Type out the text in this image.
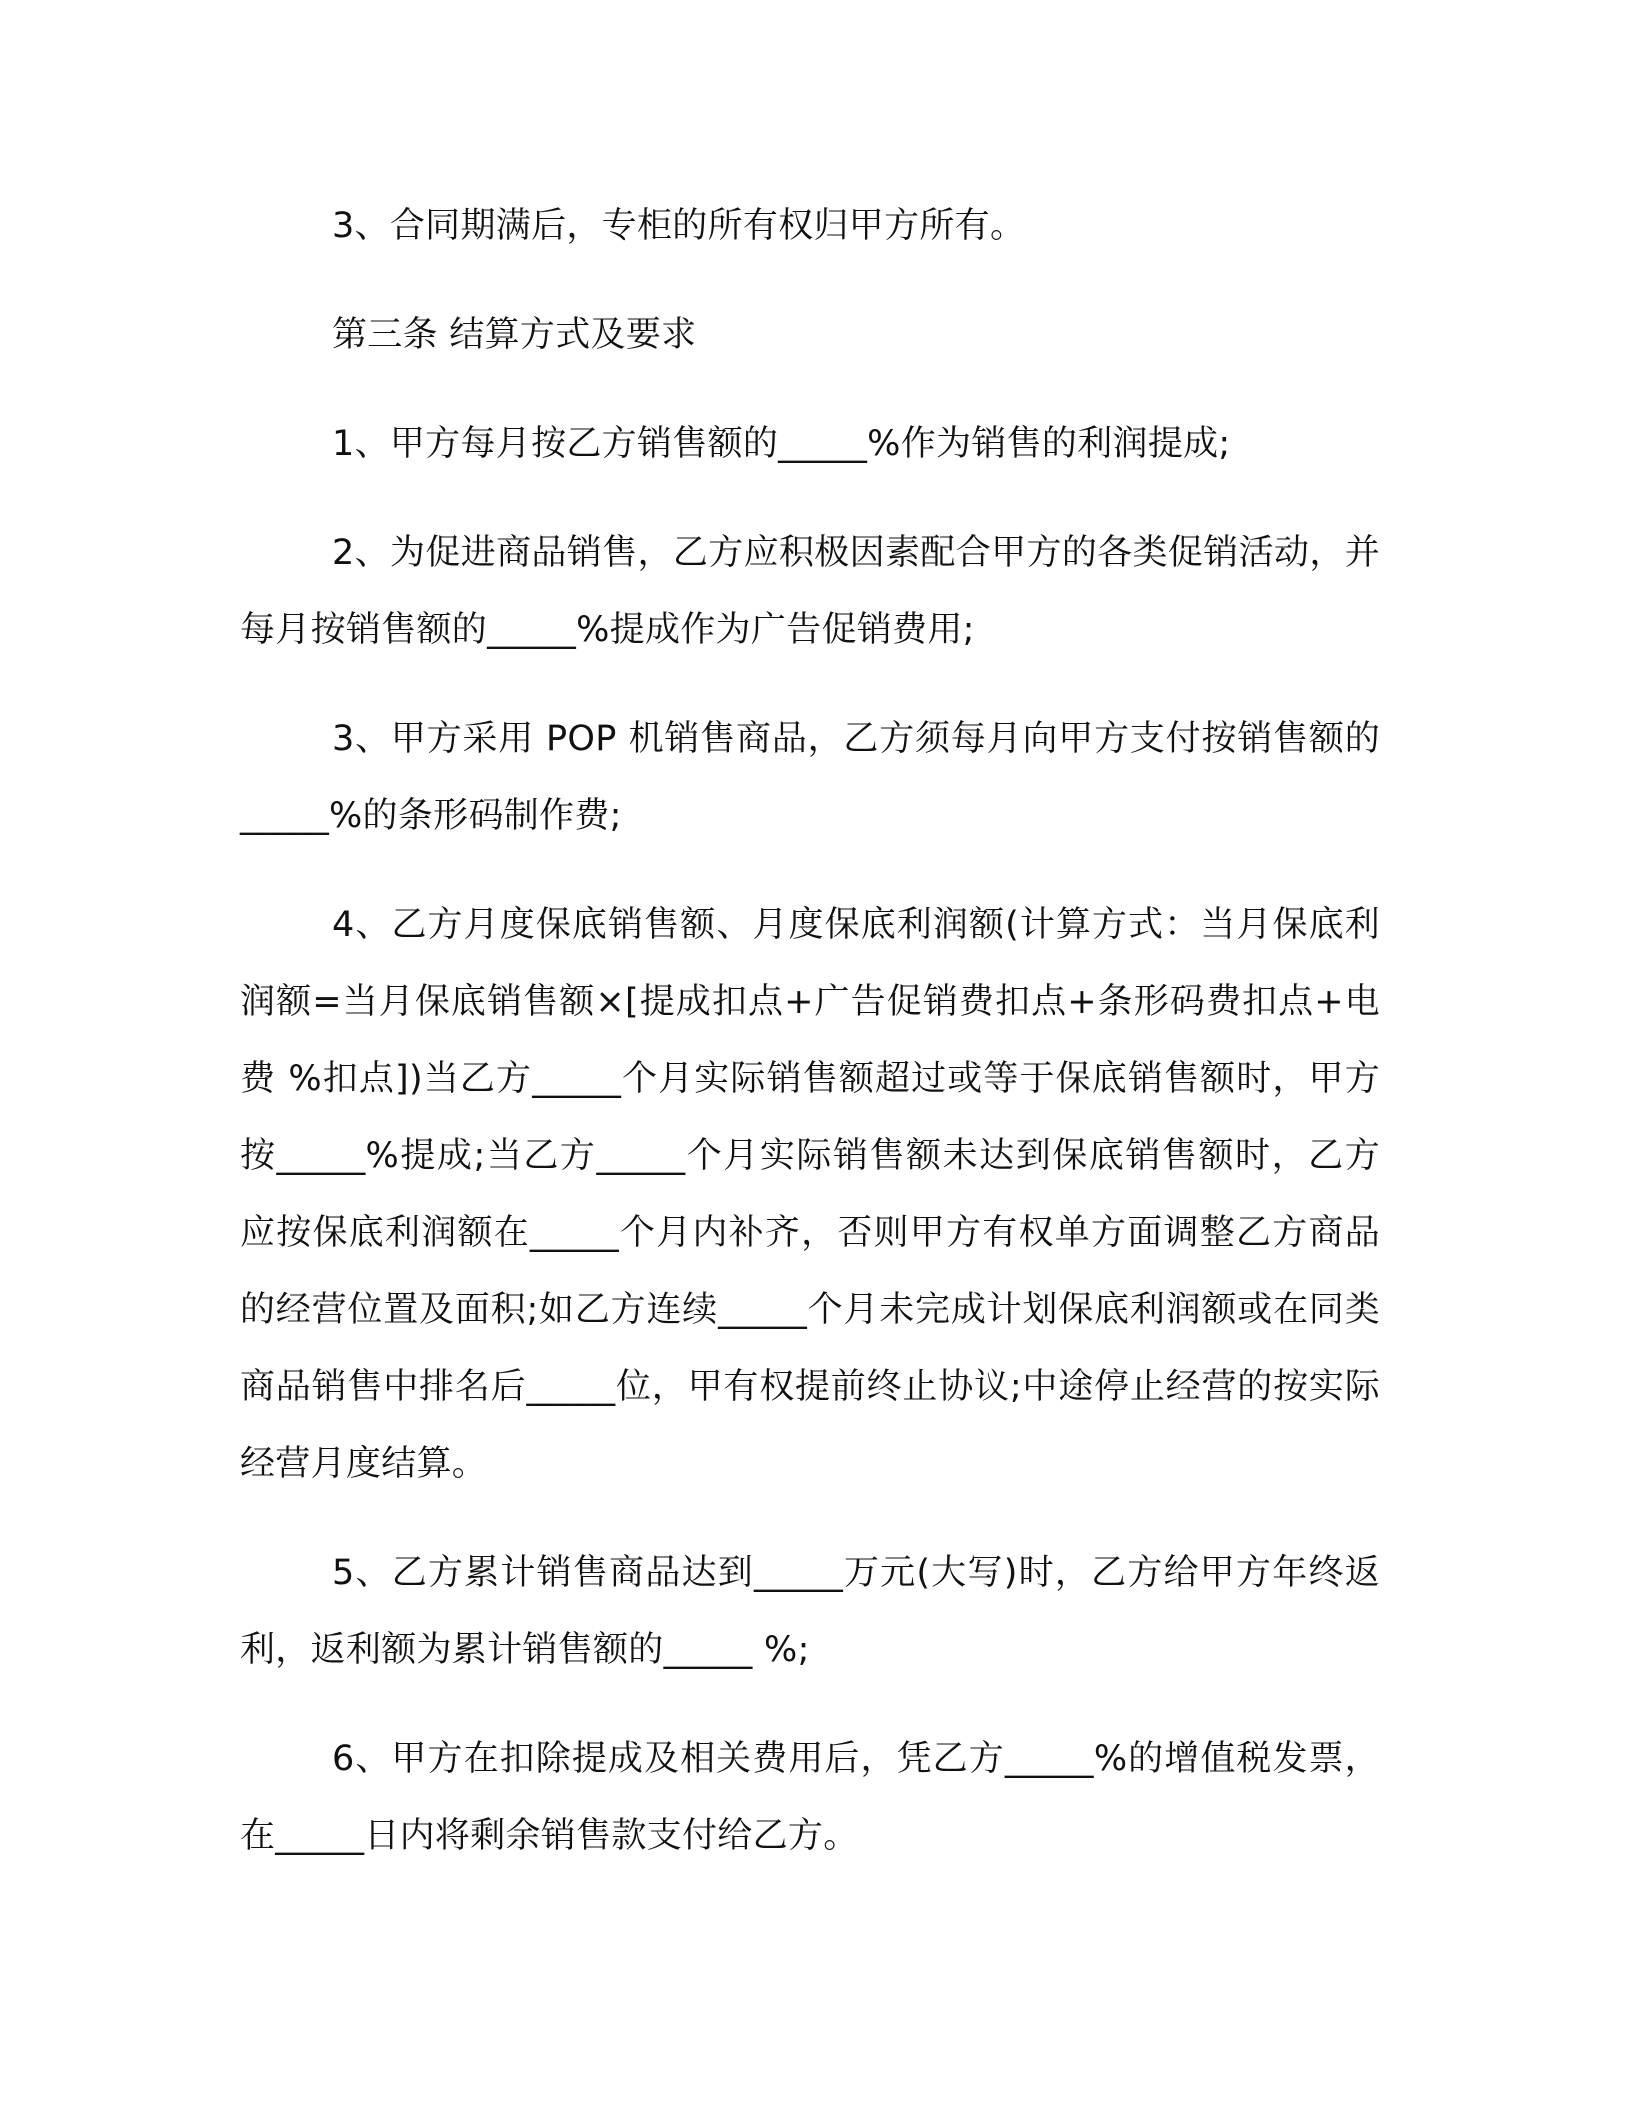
3、合同期满后，专柜的所有权归甲方所有。

第三条 结算方式及要求

1、甲方每月按乙方销售额的_____%作为销售的利润提成;

2、为促进商品销售，乙方应积极因素配合甲方的各类促销活动，并每月按销售额的_____%提成作为广告促销费用;

3、甲方采用 POP 机销售商品，乙方须每月向甲方支付按销售额的_____%的条形码制作费;

4、乙方月度保底销售额、月度保底利润额(计算方式：当月保底利润额=当月保底销售额×[提成扣点+广告促销费扣点+条形码费扣点+电费 %扣点])当乙方_____个月实际销售额超过或等于保底销售额时，甲方按_____%提成;当乙方_____个月实际销售额未达到保底销售额时，乙方应按保底利润额在_____个月内补齐，否则甲方有权单方面调整乙方商品的经营位置及面积;如乙方连续_____个月未完成计划保底利润额或在同类商品销售中排名后_____位，甲有权提前终止协议;中途停止经营的按实际经营月度结算。

5、乙方累计销售商品达到_____万元(大写)时，乙方给甲方年终返利，返利额为累计销售额的_____ %;

6、甲方在扣除提成及相关费用后，凭乙方_____%的增值税发票，在_____日内将剩余销售款支付给乙方。
